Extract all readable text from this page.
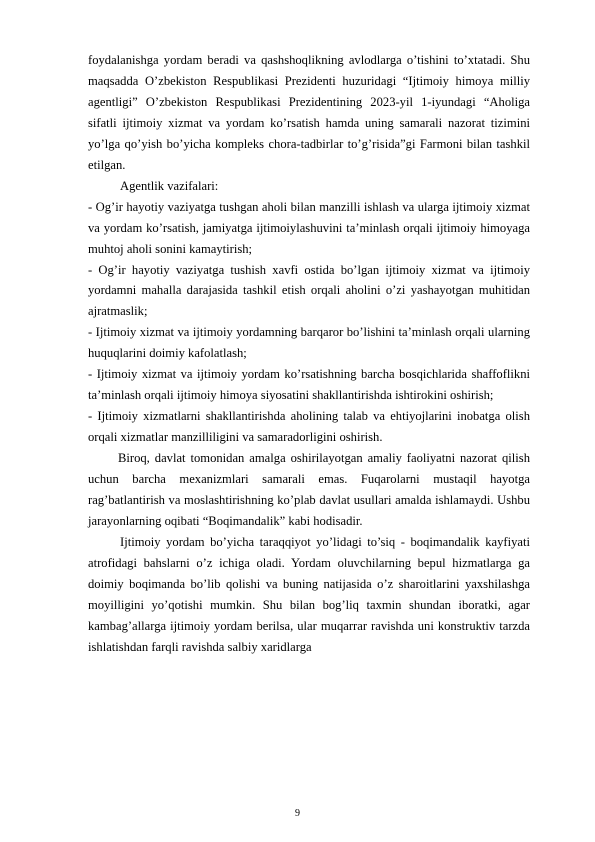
foydalanishga yordam beradi va qashshoqlikning avlodlarga o’tishini to’xtatadi. Shu maqsadda O’zbekiston Respublikasi Prezidenti huzuridagi “Ijtimoiy himoya milliy agentligi” O’zbekiston Respublikasi Prezidentining 2023-yil 1-iyundagi “Aholiga sifatli ijtimoiy xizmat va yordam ko’rsatish hamda uning samarali nazorat tizimini yo’lga qo’yish bo’yicha kompleks chora-tadbirlar to’g’risida”gi Farmoni bilan tashkil etilgan.

Agentlik vazifalari:

- Og’ir hayotiy vaziyatga tushgan aholi bilan manzilli ishlash va ularga ijtimoiy xizmat va yordam ko’rsatish, jamiyatga ijtimoiylashuvini ta’minlash orqali ijtimoiy himoyaga muhtoj aholi sonini kamaytirish;

- Og’ir hayotiy vaziyatga tushish xavfi ostida bo’lgan ijtimoiy xizmat va ijtimoiy yordamni mahalla darajasida tashkil etish orqali aholini o’zi yashayotgan muhitidan ajratmaslik;

- Ijtimoiy xizmat va ijtimoiy yordamning barqaror bo’lishini ta’minlash orqali ularning huquqlarini doimiy kafolatlash;

- Ijtimoiy xizmat va ijtimoiy yordam ko’rsatishning barcha bosqichlarida shaffoflikni ta’minlash orqali ijtimoiy himoya siyosatini shakllantirishda ishtirokini oshirish;

- Ijtimoiy xizmatlarni shakllantirishda aholining talab va ehtiyojlarini inobatga olish orqali xizmatlar manzilliligini va samaradorligini oshirish.

Biroq, davlat tomonidan amalga oshirilayotgan amaliy faoliyatni nazorat qilish uchun barcha mexanizmlari samarali emas. Fuqarolarni mustaqil hayotga rag’batlantirish va moslashtirishning ko’plab davlat usullari amalda ishlamaydi. Ushbu jarayonlarning oqibati “Boqimandalik” kabi hodisadir.

Ijtimoiy yordam bo’yicha taraqqiyot yo’lidagi to’siq - boqimandalik kayfiyati atrofidagi bahslarni o’z ichiga oladi. Yordam oluvchilarning bepul hizmatlarga ga doimiy boqimanda bo’lib qolishi va buning natijasida o’z sharoitlarini yaxshilashga moyilligini yo’qotishi mumkin. Shu bilan bog’liq taxmin shundan iboratki, agar kambag’allarga ijtimoiy yordam berilsa, ular muqarrar ravishda uni konstruktiv tarzda ishlatishdan farqli ravishda salbiy xaridlarga

9
